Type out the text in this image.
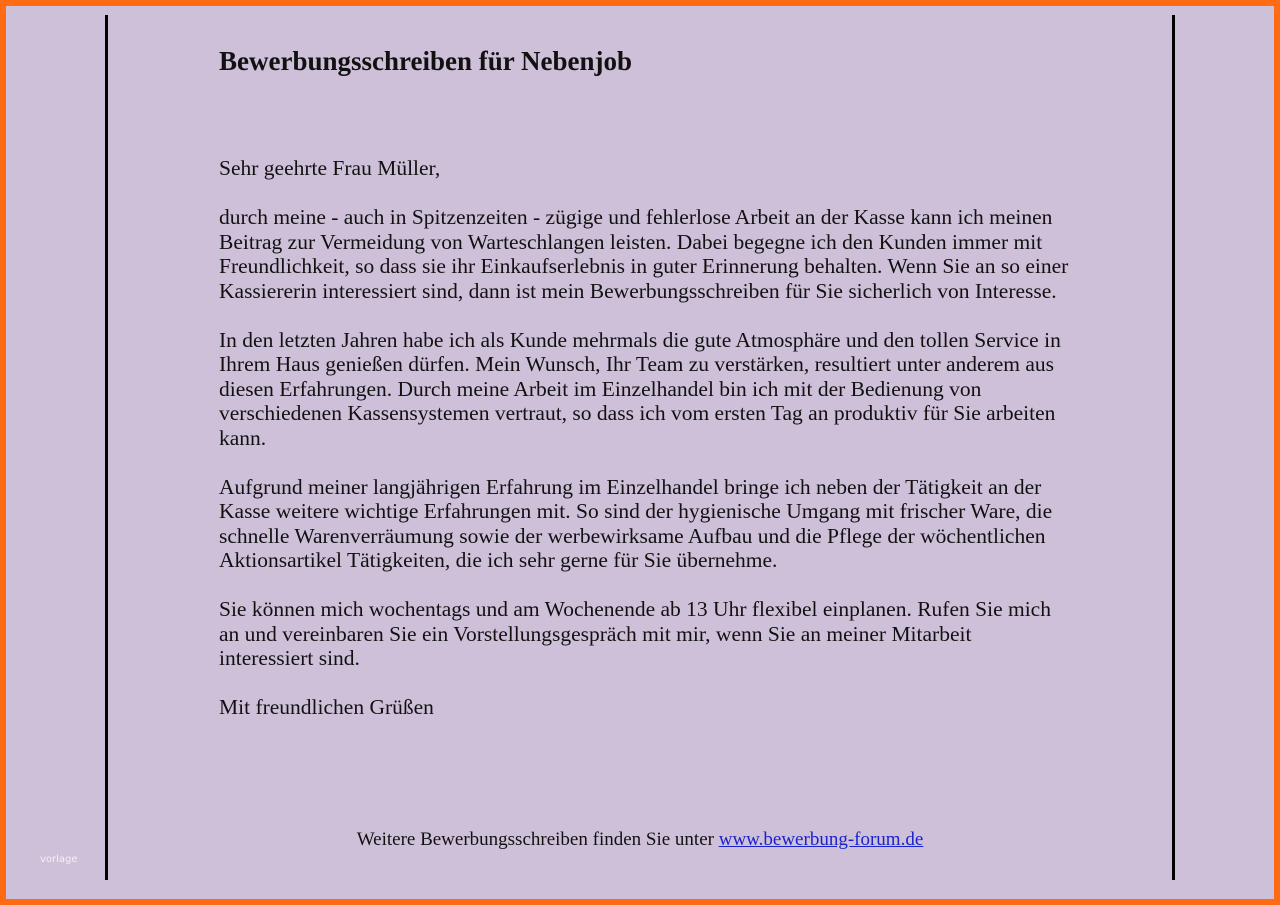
Bewerbungsschreiben für Nebenjob

Sehr geehrte Frau Müller,

durch meine - auch in Spitzenzeiten - zügige und fehlerlose Arbeit an der Kasse kann ich meinen Beitrag zur Vermeidung von Warteschlangen leisten. Dabei begegne ich den Kunden immer mit Freundlichkeit, so dass sie ihr Einkaufserlebnis in guter Erinnerung behalten. Wenn Sie an so einer Kassiererin interessiert sind, dann ist mein Bewerbungsschreiben für Sie sicherlich von Interesse.

In den letzten Jahren habe ich als Kunde mehrmals die gute Atmosphäre und den tollen Service in Ihrem Haus genießen dürfen. Mein Wunsch, Ihr Team zu verstärken, resultiert unter anderem aus diesen Erfahrungen. Durch meine Arbeit im Einzelhandel bin ich mit der Bedienung von verschiedenen Kassensystemen vertraut, so dass ich vom ersten Tag an produktiv für Sie arbeiten kann.

Aufgrund meiner langjährigen Erfahrung im Einzelhandel bringe ich neben der Tätigkeit an der Kasse weitere wichtige Erfahrungen mit. So sind der hygienische Umgang mit frischer Ware, die schnelle Warenverräumung sowie der werbewirksame Aufbau und die Pflege der wöchentlichen Aktionsartikel Tätigkeiten, die ich sehr gerne für Sie übernehme.

Sie können mich wochentags und am Wochenende ab 13 Uhr flexibel einplanen. Rufen Sie mich an und vereinbaren Sie ein Vorstellungsgespräch mit mir, wenn Sie an meiner Mitarbeit interessiert sind.

Mit freundlichen Grüßen

Weitere Bewerbungsschreiben finden Sie unter www.bewerbung-forum.de
vorlage
